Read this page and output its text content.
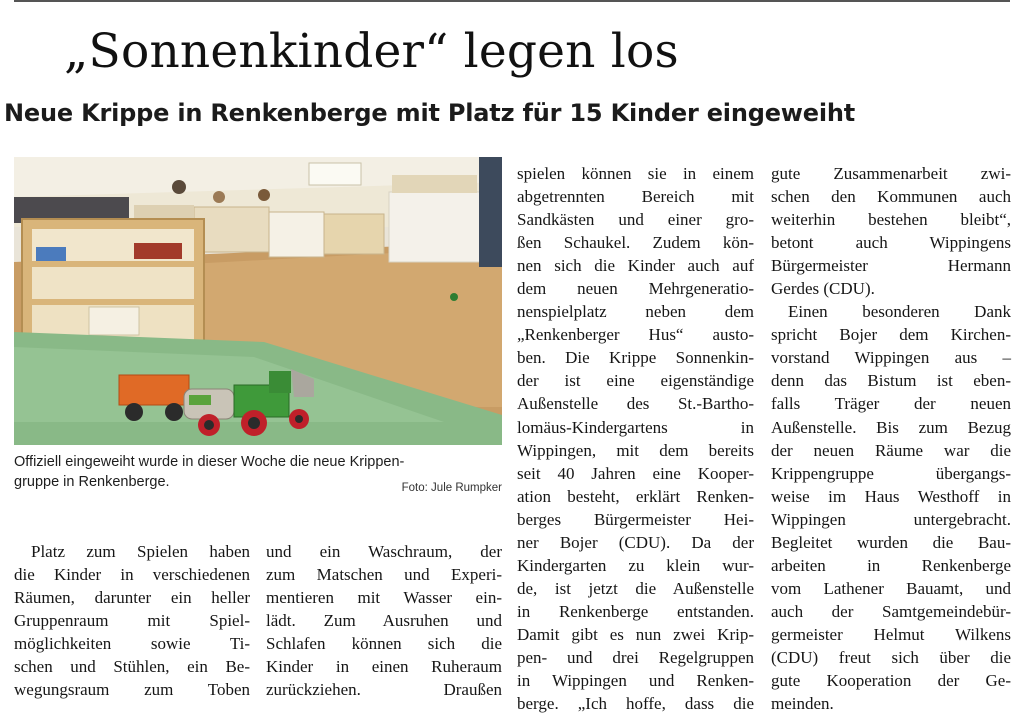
„Sonnenkinder“ legen los
Neue Krippe in Renkenberge mit Platz für 15 Kinder eingeweiht
Offiziell eingeweiht wurde in dieser Woche die neue Krippen-
gruppe in Renkenberge.	Foto: Jule Rumpker

Platz zum Spielen haben

die Kinder in verschiedenen

Räumen, darunter ein heller

Gruppenraum mit Spiel-

möglichkeiten sowie Ti-

schen und Stühlen, ein Be-

wegungsraum zum Toben

und ein Waschraum, der

zum Matschen und Experi-

mentieren mit Wasser ein-

lädt. Zum Ausruhen und

Schlafen können sich die

Kinder in einen Ruheraum

zurückziehen. Draußen

spielen können sie in einem

abgetrennten Bereich mit

Sandkästen und einer gro-

ßen Schaukel. Zudem kön-

nen sich die Kinder auch auf

dem neuen Mehrgeneratio-

nenspielplatz neben dem

„Renkenberger Hus“ austo-

ben. Die Krippe Sonnenkin-

der ist eine eigenständige

Außenstelle des St.-Bartho-

lomäus-Kindergartens in

Wippingen, mit dem bereits

seit 40 Jahren eine Kooper-

ation besteht, erklärt Renken-

berges Bürgermeister Hei-

ner Bojer (CDU). Da der

Kindergarten zu klein wur-

de, ist jetzt die Außenstelle

in Renkenberge entstanden.

Damit gibt es nun zwei Krip-

pen- und drei Regelgruppen

in Wippingen und Renken-

berge. „Ich hoffe, dass die

gute Zusammenarbeit zwi-

schen den Kommunen auch

weiterhin bestehen bleibt“,

betont auch Wippingens

Bürgermeister Hermann

Gerdes (CDU).

Einen besonderen Dank

spricht Bojer dem Kirchen-

vorstand Wippingen aus –

denn das Bistum ist eben-

falls Träger der neuen

Außenstelle. Bis zum Bezug

der neuen Räume war die

Krippengruppe übergangs-

weise im Haus Westhoff in

Wippingen untergebracht.

Begleitet wurden die Bau-

arbeiten in Renkenberge

vom Lathener Bauamt, und

auch der Samtgemeindebür-

germeister Helmut Wilkens

(CDU) freut sich über die

gute Kooperation der Ge-

meinden.
